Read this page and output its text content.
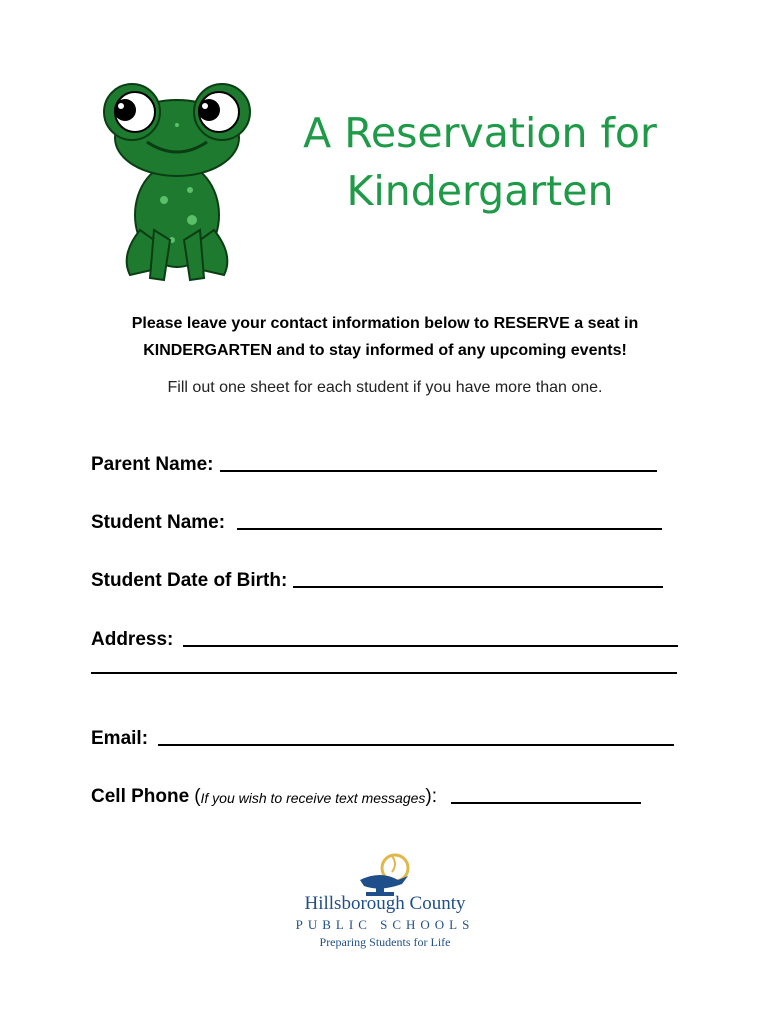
A Reservation for
Kindergarten
Please leave your contact information below to RESERVE a seat in
KINDERGARTEN and to stay informed of any upcoming events!
Fill out one sheet for each student if you have more than one.
Parent Name:
Student Name:
Student Date of Birth:
Address:
Email:
Cell Phone ( If you wish to receive text messages ):
Hillsborough County
PUBLIC SCHOOLS
Preparing Students for Life
